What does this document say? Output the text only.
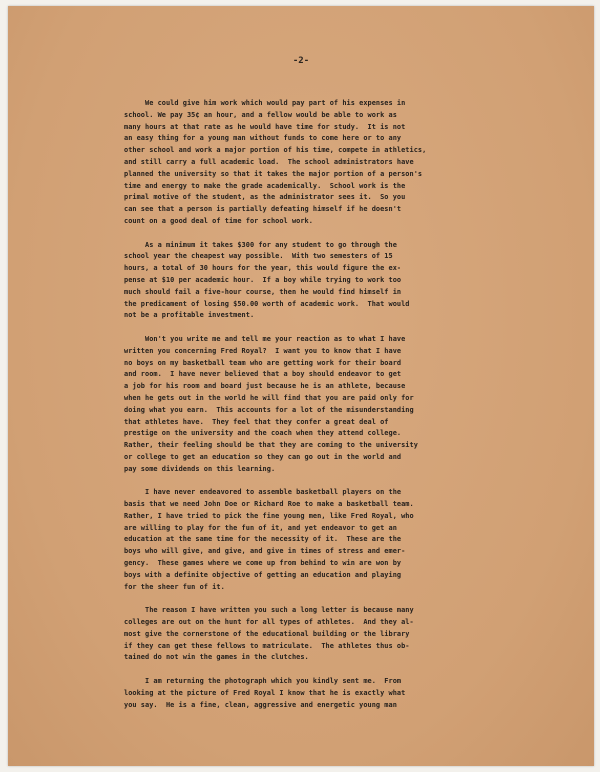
-2-
We could give him work which would pay part of his expenses in
school. We pay 35¢ an hour, and a fellow would be able to work as
many hours at that rate as he would have time for study.  It is not
an easy thing for a young man without funds to come here or to any
other school and work a major portion of his time, compete in athletics,
and still carry a full academic load.  The school administrators have
planned the university so that it takes the major portion of a person's
time and energy to make the grade academically.  School work is the
primal motive of the student, as the administrator sees it.  So you
can see that a person is partially defeating himself if he doesn't
count on a good deal of time for school work.
As a minimum it takes $300 for any student to go through the
school year the cheapest way possible.  With two semesters of 15
hours, a total of 30 hours for the year, this would figure the ex-
pense at $10 per academic hour.  If a boy while trying to work too
much should fail a five-hour course, then he would find himself in
the predicament of losing $50.00 worth of academic work.  That would
not be a profitable investment.
Won't you write me and tell me your reaction as to what I have
written you concerning Fred Royal?  I want you to know that I have
no boys on my basketball team who are getting work for their board
and room.  I have never believed that a boy should endeavor to get
a job for his room and board just because he is an athlete, because
when he gets out in the world he will find that you are paid only for
doing what you earn.  This accounts for a lot of the misunderstanding
that athletes have.  They feel that they confer a great deal of
prestige on the university and the coach when they attend college.
Rather, their feeling should be that they are coming to the university
or college to get an education so they can go out in the world and
pay some dividends on this learning.
I have never endeavored to assemble basketball players on the
basis that we need John Doe or Richard Roe to make a basketball team.
Rather, I have tried to pick the fine young men, like Fred Royal, who
are willing to play for the fun of it, and yet endeavor to get an
education at the same time for the necessity of it.  These are the
boys who will give, and give, and give in times of stress and emer-
gency.  These games where we come up from behind to win are won by
boys with a definite objective of getting an education and playing
for the sheer fun of it.
The reason I have written you such a long letter is because many
colleges are out on the hunt for all types of athletes.  And they al-
most give the cornerstone of the educational building or the library
if they can get these fellows to matriculate.  The athletes thus ob-
tained do not win the games in the clutches.
I am returning the photograph which you kindly sent me.  From
looking at the picture of Fred Royal I know that he is exactly what
you say.  He is a fine, clean, aggressive and energetic young man
